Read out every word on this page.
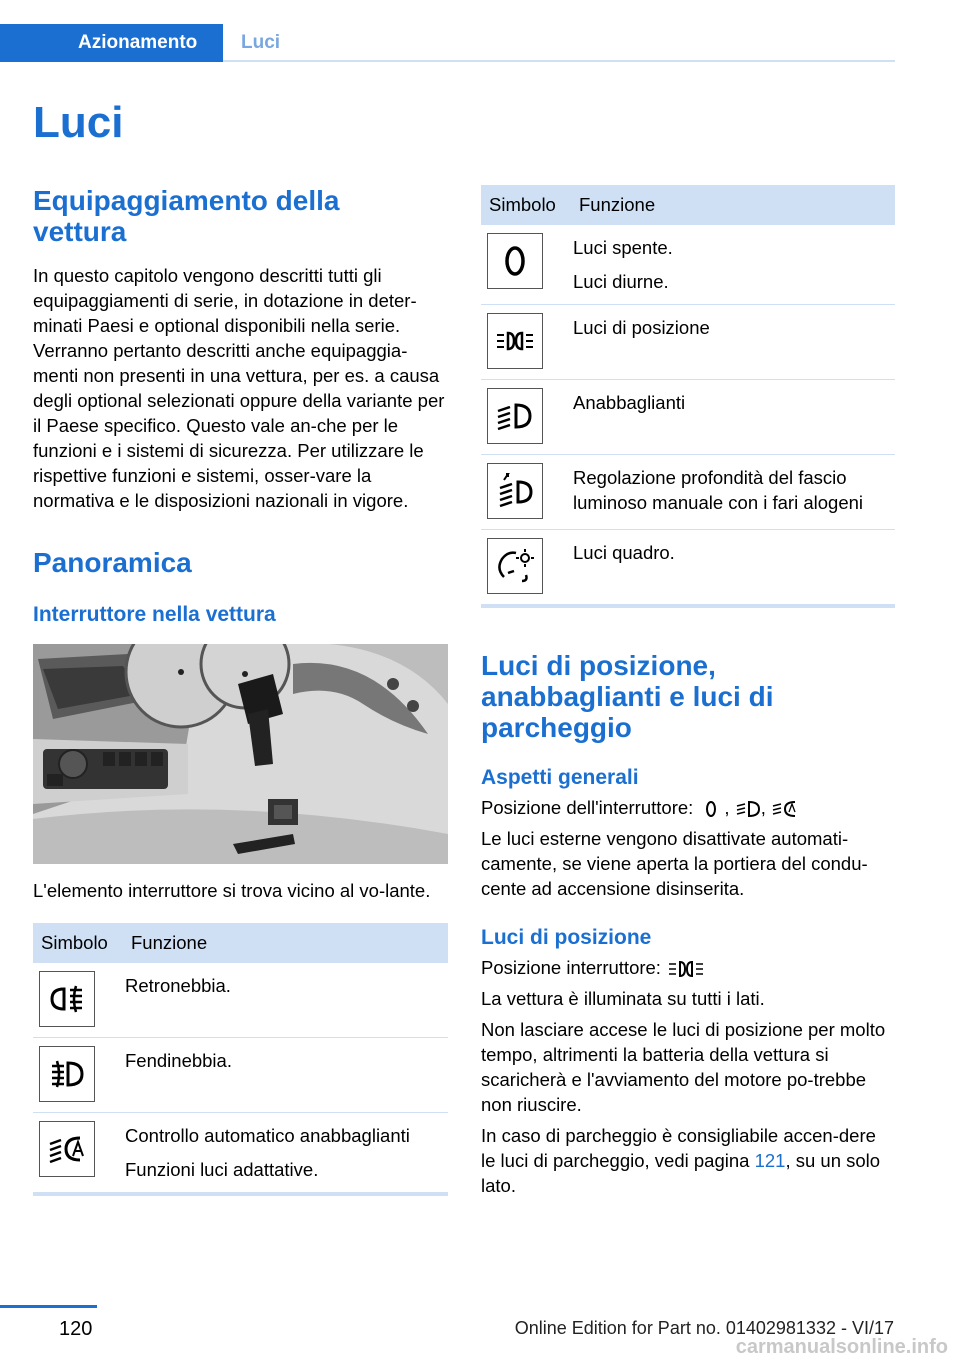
Azionamento	Luci
Luci
Equipaggiamento della vettura

In questo capitolo vengono descritti tutti gli equipaggiamenti di serie, in dotazione in deter-minati Paesi e optional disponibili nella serie. Verranno pertanto descritti anche equipaggia-menti non presenti in una vettura, per es. a causa degli optional selezionati oppure della variante per il Paese specifico. Questo vale an-che per le funzioni e i sistemi di sicurezza. Per utilizzare le rispettive funzioni e sistemi, osser-vare la normativa e le disposizioni nazionali in vigore.

Panoramica
Interruttore nella vettura

L'elemento interruttore si trova vicino al vo-lante.

Simbolo	Funzione

Retronebbia.

Fendinebbia.

Controllo automatico anabbaglianti
Funzioni luci adattative.
Simbolo	Funzione

Luci spente.
Luci diurne.

Luci di posizione

Anabbaglianti

Regolazione profondità del fascio luminoso manuale con i fari alogeni

Luci quadro.
Luci di posizione, anabbaglianti e luci di parcheggio
Aspetti generali

Posizione dell'interruttore: , ,

Le luci esterne vengono disattivate automati-camente, se viene aperta la portiera del condu-cente ad accensione disinserita.

Luci di posizione

Posizione interruttore:

La vettura è illuminata su tutti i lati.

Non lasciare accese le luci di posizione per molto tempo, altrimenti la batteria della vettura si scaricherà e l'avviamento del motore po-trebbe non riuscire.

In caso di parcheggio è consigliabile accen-dere le luci di parcheggio, vedi pagina 121, su un solo lato.

120	Online Edition for Part no. 01402981332 - VI/17
carmanualsonline.info
